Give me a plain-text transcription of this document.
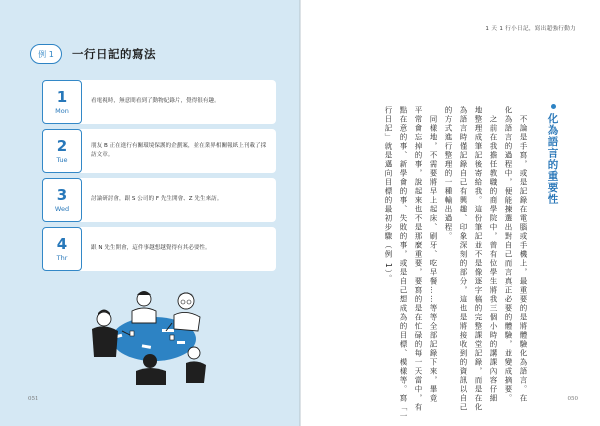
例 1	一行日記的寫法
1
Mon
看電視時，無意間看到了動物紀錄片，覺得很有趣。
2
Tue
朋友 B 正在進行有關環境保護的企劃案，並在業界相關報紙上刊載了採訪文章。
3
Wed
討論研討會，跟 S 公司的 F 先生開會、Z 先生來訪。
4
Thr
跟 N 先生開會，這件事越想越覺得有其必要性。
051
1 天 1 行小日記，寫出超強行動力
化為語言的重要性
　不論是手寫，或是記錄在電腦或手機上，最重要的是將體驗化為語言。在
化為語言的過程中，便能揀選出對自己而言真正必要的體驗，並變成摘要。
　之前在我擔任教職的商學院中，曾有位學生將我三個小時的講課內容仔細
地整理成筆記後寄給我。這份筆記並不是像逐字稿的完整課堂記錄，而是在化
為語言時僅記錄自己有興趣、印象深刻的部分，這也是將接收到的資訊以自己
的方式進行整理的一種輸出過程。
　同樣地，不需要將早上起床、刷牙、吃早餐……等等全部記錄下來，畢竟
平常會忘掉的事，說起來也不是那麼重要，要寫的是在忙碌的每一天當中，有
點在意的事、新學會的事、失敗的事，或是自己想成為的目標、模樣等。寫「一
行日記」就是邁向目標的最初步驟（例 1）。
050
